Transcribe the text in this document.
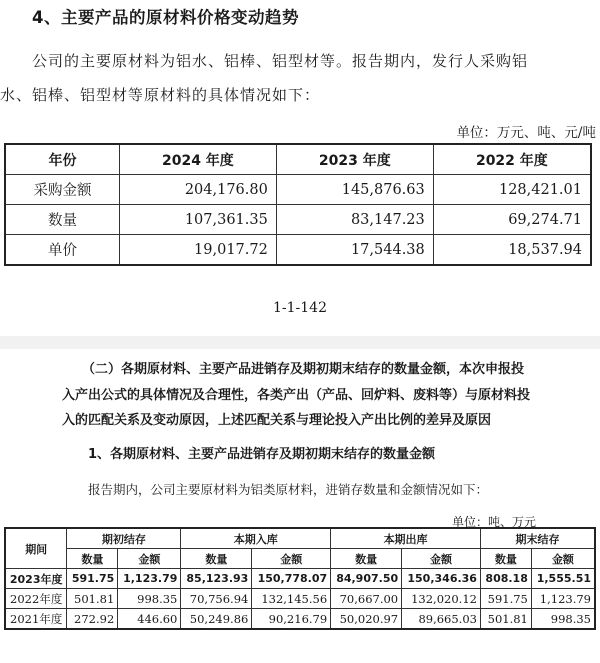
4、主要产品的原材料价格变动趋势
公司的主要原材料为铝水、铝棒、铝型材等。报告期内，发行人采购铝
水、铝棒、铝型材等原材料的具体情况如下：
单位：万元、吨、元/吨
年份	2024 年度	2023 年度	2022 年度
采购金额	204,176.80	145,876.63	128,421.01
数量	107,361.35	83,147.23	69,274.71
单价	19,017.72	17,544.38	18,537.94
1-1-142
（二）各期原材料、主要产品进销存及期初期末结存的数量金额，本次申报投
入产出公式的具体情况及合理性，各类产出（产品、回炉料、废料等）与原材料投
入的匹配关系及变动原因，上述匹配关系与理论投入产出比例的差异及原因
1、各期原材料、主要产品进销存及期初期末结存的数量金额
报告期内，公司主要原材料为铝类原材料，进销存数量和金额情况如下：
单位：吨、万元
期间	期初结存		本期入库		本期出库		期末结存	
	数量	金额	数量	金额	数量	金额	数量	金额
2023年度	591.75	1,123.79	85,123.93	150,778.07	84,907.50	150,346.36	808.18	1,555.51
2022年度	501.81	998.35	70,756.94	132,145.56	70,667.00	132,020.12	591.75	1,123.79
2021年度	272.92	446.60	50,249.86	90,216.79	50,020.97	89,665.03	501.81	998.35
